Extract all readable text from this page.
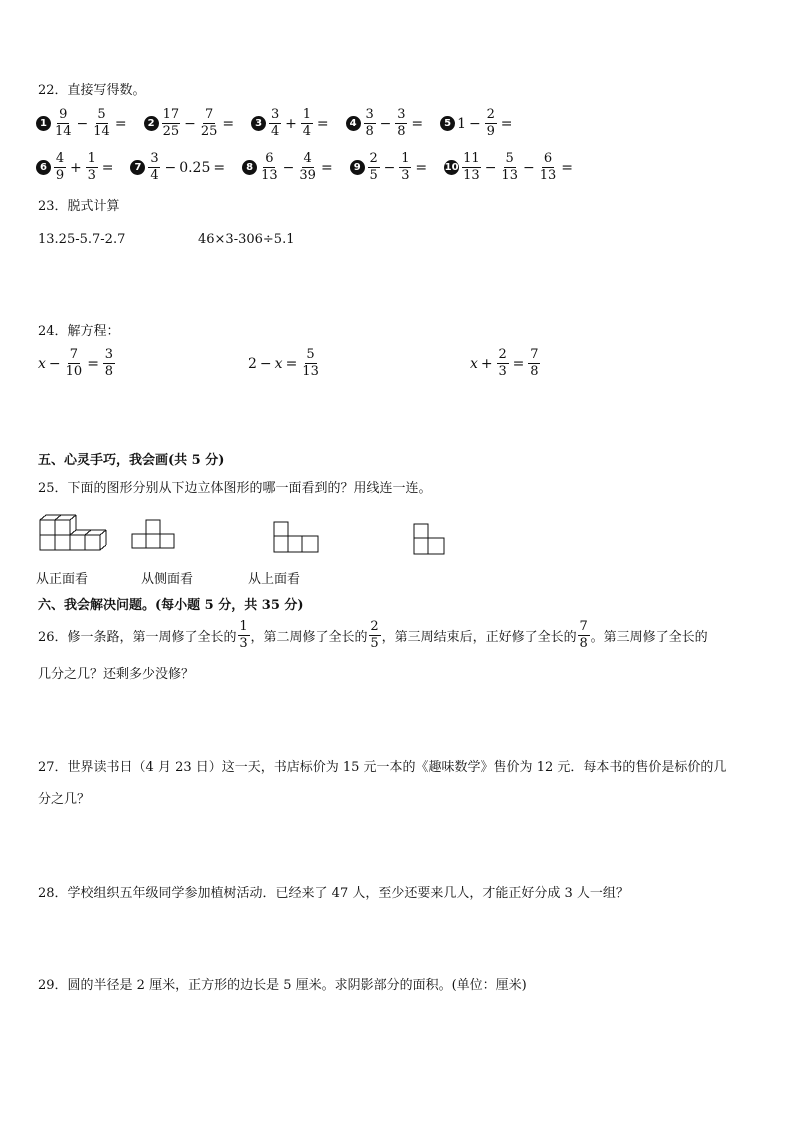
22．直接写得数。
$1 \frac{9}{14} - \frac{5}{14}$ =	$2 \frac{17}{25} - \frac{7}{25}$ =	$3 \frac{3}{4} + \frac{1}{4}$ =	$4 \frac{3}{8} - \frac{3}{8}$ =	5 $1 - \frac{2}{9}$ =
$6 \frac{4}{9} + \frac{1}{3}$ =	$7 \frac{3}{4} - 0.25$ =	$8 \frac{6}{13} - \frac{4}{39}$ =	$9 \frac{2}{5} - \frac{1}{3} = 10 \frac{11}{13} - \frac{5}{13} - \frac{6}{13}$ =
23．脱式计算
13.25-5.7-2.7	46×3-306÷5.1
24．解方程：
$x - \frac{7}{10} = \frac{3}{8}$	$2 - x = \frac{5}{13}$	$x + \frac{2}{3} = \frac{7}{8}$
五、心灵手巧，我会画(共 5 分)
25．下面的图形分别从下边立体图形的哪一面看到的？用线连一连。
从正面看	从侧面看	从上面看
六、我会解决问题。(每小题 5 分，共 35 分)
26．修一条路，第一周修了全长的 $\frac{1}{3}$ ，第二周修了全长的 $\frac{2}{5}$ ，第三周结束后，正好修了全长的 $\frac{7}{8}$ 。第三周修了全长的
几分之几？还剩多少没修？
27．世界读书日（4 月 23 日）这一天，书店标价为 15 元一本的《趣味数学》售价为 12 元．每本书的售价是标价的几
分之几？
28．学校组织五年级同学参加植树活动．已经来了 47 人，至少还要来几人，才能正好分成 3 人一组？
29．圆的半径是 2 厘米，正方形的边长是 5 厘米。求阴影部分的面积。(单位：厘米)
